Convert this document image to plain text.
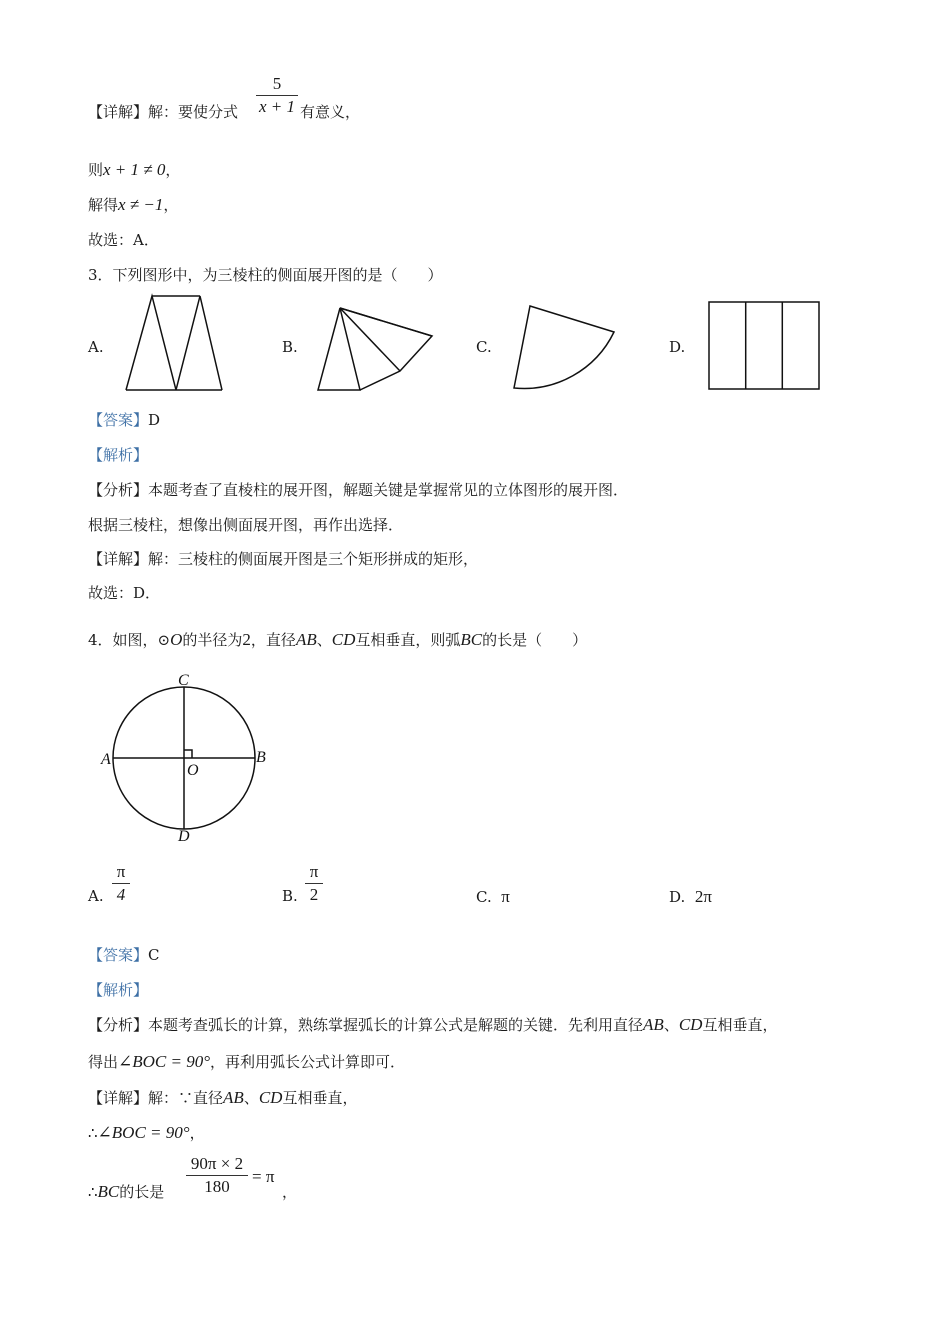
【详解】解：要使分式
5
x + 1 有意义，
则x + 1 ≠ 0，
解得x ≠ −1，
故选：A．
3．下列图形中，为三棱柱的侧面展开图的是（　　）
A.	B.	C.	D.
【答案】D
【解析】
【分析】本题考查了直棱柱的展开图，解题关键是掌握常见的立体图形的展开图．
根据三棱柱，想像出侧面展开图，再作出选择．
【详解】解：三棱柱的侧面展开图是三个矩形拼成的矩形，
故选：D．
4．如图，⊙O的半径为2，直径AB、CD互相垂直，则弧BC的长是（　　）
C
A	B
O
D
A.
π
4	B.
π
2	C. π	D. 2π
【答案】C
【解析】
【分析】本题考查弧长的计算，熟练掌握弧长的计算公式是解题的关键．先利用直径AB、CD互相垂直，
得出∠BOC = 90°，再利用弧长公式计算即可．
【详解】解：∵直径AB、CD互相垂直，
∴∠BOC = 90°，
∴BC的长是
90π × 2
180
= π
，
